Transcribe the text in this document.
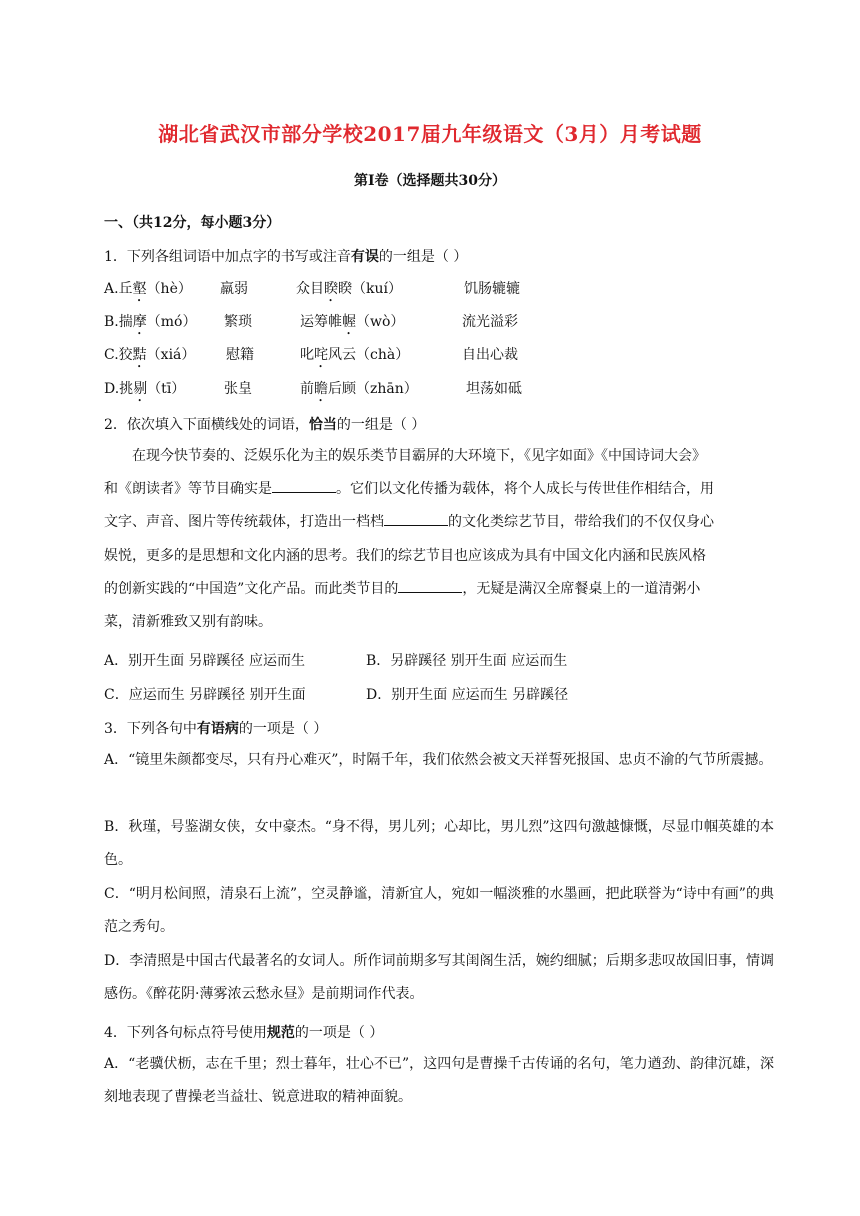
湖北省武汉市部分学校2017届九年级语文（3月）月考试题
第Ⅰ卷（选择题共30分）
一、（共12分，每小题3分）
1．下列各组词语中加点字的书写或注音有误的一组是（ ）
A.丘壑（hè） 羸弱	众目睽睽（kuí）	饥肠辘辘
B.揣摩（mó） 繁琐	运筹帷幄（wò）	流光溢彩
C.狡黠（xiá） 慰籍	叱咤风云（chà）	自出心裁
D.挑剔（tī）	张皇	前瞻后顾（zhān）	坦荡如砥
2．依次填入下面横线处的词语，恰当的一组是（ ）

在现今快节奏的、泛娱乐化为主的娱乐类节目霸屏的大环境下，《见字如面》《中国诗词大会》

和《朗读者》等节目确实是	。它们以文化传播为载体，将个人成长与传世佳作相结合，用

文字、声音、图片等传统载体，打造出一档档	的文化类综艺节目，带给我们的不仅仅身心

娱悦，更多的是思想和文化内涵的思考。我们的综艺节目也应该成为具有中国文化内涵和民族风格

的创新实践的“中国造”文化产品。而此类节目的	，无疑是满汉全席餐桌上的一道清粥小

菜，清新雅致又别有韵味。

A．别开生面 另辟蹊径 应运而生	B．另辟蹊径 别开生面 应运而生
C．应运而生 另辟蹊径 别开生面	D．别开生面 应运而生 另辟蹊径
3．下列各句中有语病的一项是（ ）
A．“镜里朱颜都变尽，只有丹心难灭”，时隔千年，我们依然会被文天祥誓死报国、忠贞不渝的气节所震撼。
B．秋瑾，号鉴湖女侠，女中豪杰。“身不得，男儿列；心却比，男儿烈”这四句激越慷慨，尽显巾帼英雄的本色。
C．“明月松间照，清泉石上流”，空灵静谧，清新宜人，宛如一幅淡雅的水墨画，把此联誉为“诗中有画”的典范之秀句。
D．李清照是中国古代最著名的女词人。所作词前期多写其闺阁生活，婉约细腻；后期多悲叹故国旧事，情调感伤。《醉花阴·薄雾浓云愁永昼》是前期词作代表。
4．下列各句标点符号使用规范的一项是（ ）
A．“老骥伏枥，志在千里；烈士暮年，壮心不已”，这四句是曹操千古传诵的名句，笔力遒劲、韵律沉雄，深刻地表现了曹操老当益壮、锐意进取的精神面貌。
